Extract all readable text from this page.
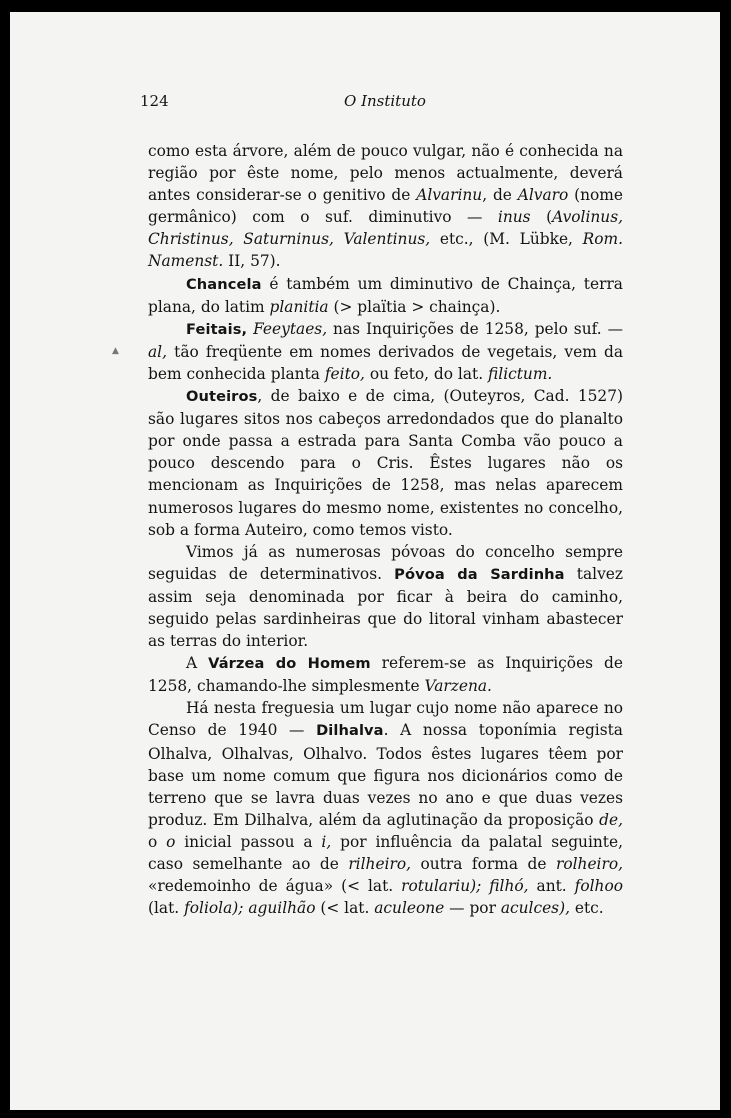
124	O Instituto

como esta árvore, além de pouco vulgar, não é conhecida na região por êste nome, pelo menos actualmente, deverá antes considerar-se o genitivo de Alvarinu, de Alvaro (nome germânico) com o suf. diminutivo — inus (Avolinus, Christinus, Saturninus, Valentinus, etc., (M. Lübke, Rom. Namenst. II, 57).

Chancela é também um diminutivo de Chainça, terra plana, do latim planitia (> plaïtia > chainça).

Feitais, Feeytaes, nas Inquirições de 1258, pelo suf. — al, tão freqüente em nomes derivados de vegetais, vem da bem conhecida planta feito, ou feto, do lat. filictum.

Outeiros, de baixo e de cima, (Outeyros, Cad. 1527) são lugares sitos nos cabeços arredondados que do planalto por onde passa a estrada para Santa Comba vão pouco a pouco descendo para o Cris. Êstes lugares não os mencionam as Inquirições de 1258, mas nelas aparecem numerosos lugares do mesmo nome, existentes no concelho, sob a forma Auteiro, como temos visto.

Vimos já as numerosas póvoas do concelho sempre seguidas de determinativos. Póvoa da Sardinha talvez assim seja denominada por ficar à beira do caminho, seguido pelas sardinheiras que do litoral vinham abastecer as terras do interior.

A Várzea do Homem referem-se as Inquirições de 1258, chamando-lhe simplesmente Varzena.

Há nesta freguesia um lugar cujo nome não aparece no Censo de 1940 — Dilhalva. A nossa toponímia regista Olhalva, Olhalvas, Olhalvo. Todos êstes lugares têem por base um nome comum que figura nos dicionários como de terreno que se lavra duas vezes no ano e que duas vezes produz. Em Dilhalva, além da aglutinação da proposição de, o o inicial passou a i, por influência da palatal seguinte, caso semelhante ao de rilheiro, outra forma de rolheiro, «redemoinho de água» (< lat. rotulariu); filhó, ant. folhoo (lat. foliola); aguilhão (< lat. aculeone — por aculces), etc.

▲
